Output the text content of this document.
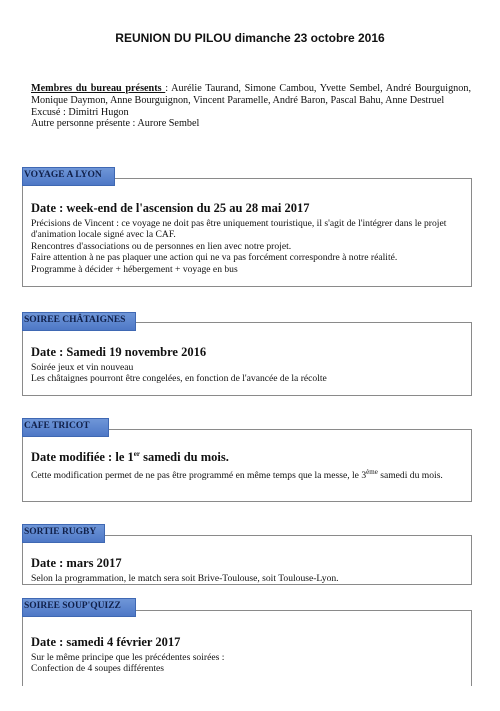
REUNION DU PILOU dimanche 23 octobre 2016

Membres du bureau présents : Aurélie Taurand, Simone Cambou, Yvette Sembel, André Bourguignon, Monique Daymon, Anne Bourguignon, Vincent Paramelle, André Baron, Pascal Bahu, Anne Destruel

Excusé : Dimitri Hugon

Autre personne présente : Aurore Sembel

Date : week-end de l'ascension du 25 au 28 mai 2017

Précisions de Vincent : ce voyage ne doit pas être uniquement touristique, il s'agit de l'intégrer dans le projet d'animation locale signé avec la CAF.

Rencontres d'associations ou de personnes en lien avec notre projet.

Faire attention à ne pas plaquer une action qui ne va pas forcément correspondre à notre réalité.

Programme à décider + hébergement + voyage en bus

VOYAGE A LYON
Date : Samedi 19 novembre 2016

Soirée jeux et vin nouveau

Les châtaignes pourront être congelées, en fonction de l'avancée de la récolte

SOIREE CHÂTAIGNES
Date modifiée : le 1er samedi du mois.

Cette modification permet de ne pas être programmé en même temps que la messe, le 3ème samedi du mois.

CAFE TRICOT
Date : mars 2017

Selon la programmation, le match sera soit Brive-Toulouse, soit Toulouse-Lyon.

SORTIE RUGBY
Date : samedi 4 février 2017

Sur le même principe que les précédentes soirées :

Confection de 4 soupes différentes

SOIREE SOUP'QUIZZ
